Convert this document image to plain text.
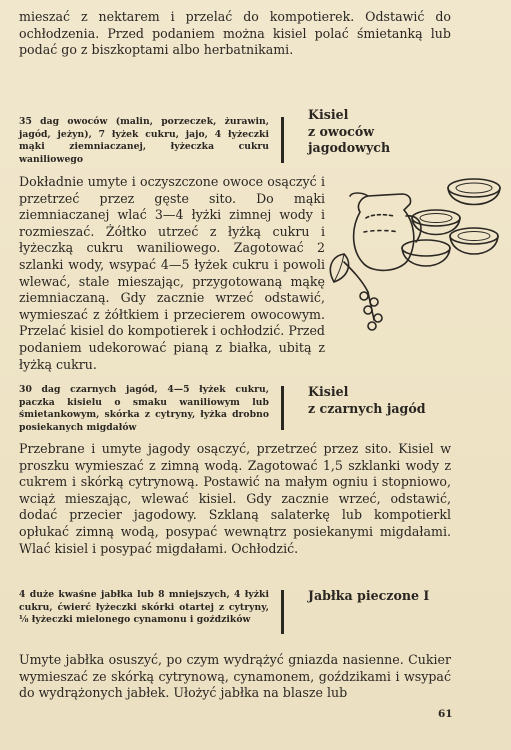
mieszać z nektarem i przelać do kompotierek. Odstawić do ochłodzenia. Przed podaniem można kisiel polać śmietanką lub podać go z biszkoptami albo herbatnikami.

35 dag owoców (malin, porzeczek, żurawin, jagód, jeżyn), 7 łyżek cukru, jajo, 4 łyżeczki mąki ziemniaczanej, łyżeczka cukru waniliowego

Kisiel
z owoców jagodowych

Dokładnie umyte i oczyszczone owoce osączyć i przetrzeć przez gęste sito. Do mąki ziemniaczanej wlać 3—4 łyżki zimnej wody i rozmieszać. Żółtko utrzeć z łyżką cukru i łyżeczką cukru waniliowego. Zagotować 2 szlanki wody, wsypać 4—5 łyżek cukru i powoli wlewać, stale mieszając, przygotowaną mąkę ziemniaczaną. Gdy zacznie wrzeć odstawić, wymieszać z żółtkiem i przecierem owocowym. Przelać kisiel do kompotierek i ochłodzić. Przed podaniem udekorować pianą z białka, ubitą z łyżką cukru.

30 dag czarnych jagód, 4—5 łyżek cukru, paczka kisielu o smaku waniliowym lub śmietankowym, skórka z cytryny, łyżka drobno posiekanych migdałów

Kisiel
z czarnych jagód

Przebrane i umyte jagody osączyć, przetrzeć przez sito. Kisiel w proszku wymieszać z zimną wodą. Zagotować 1,5 szklanki wody z cukrem i skórką cytrynową. Postawić na małym ogniu i stopniowo, wciąż mieszając, wlewać kisiel. Gdy zacznie wrzeć, odstawić, dodać przecier jagodowy. Szklaną salaterkę lub kompotierkl opłukać zimną wodą, posypać wewnątrz posiekanymi migdałami. Wlać kisiel i posypać migdałami. Ochłodzić.

4 duże kwaśne jabłka lub 8 mniejszych, 4 łyżki cukru, ćwierć łyżeczki skórki otartej z cytryny, ⅛ łyżeczki mielonego cynamonu i goździków

Jabłka pieczone I

Umyte jabłka osuszyć, po czym wydrążyć gniazda nasienne. Cukier wymieszać ze skórką cytrynową, cynamonem, goździkami i wsypać do wydrążonych jabłek. Ułożyć jabłka na blasze lub

61
